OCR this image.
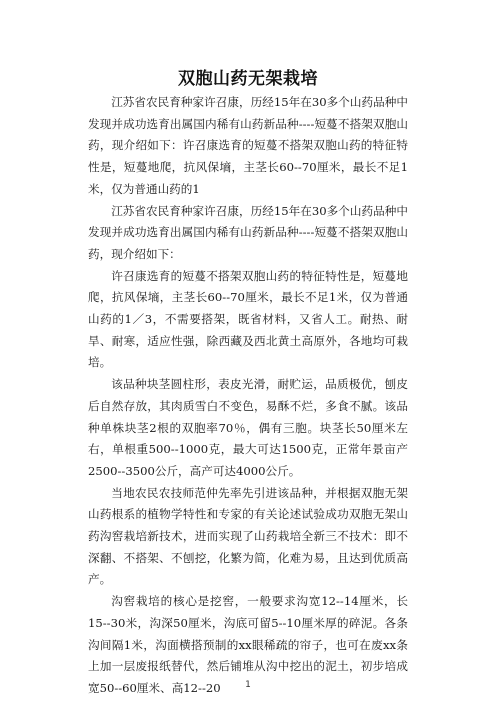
双胞山药无架栽培

江苏省农民育种家许召康，历经15年在30多个山药品种中发现并成功选育出属国内稀有山药新品种----短蔓不搭架双胞山药，现介绍如下：许召康选育的短蔓不搭架双胞山药的特征特性是，短蔓地爬，抗风保墒，主茎长60--70厘米，最长不足1米，仅为普通山药的1

江苏省农民育种家许召康，历经15年在30多个山药品种中发现并成功选育出属国内稀有山药新品种----短蔓不搭架双胞山药，现介绍如下：

许召康选育的短蔓不搭架双胞山药的特征特性是，短蔓地爬，抗风保墒，主茎长60--70厘米，最长不足1米，仅为普通山药的1／3，不需要搭架，既省材料，又省人工。耐热、耐旱、耐寒，适应性强，除西藏及西北黄土高原外，各地均可栽培。

该品种块茎圆柱形，表皮光滑，耐贮运，品质极优，刨皮后自然存放，其肉质雪白不变色，易酥不烂，多食不腻。该品种单株块茎2根的双胞率70％，偶有三胞。块茎长50厘米左右，单根重500--1000克，最大可达1500克，正常年景亩产2500--3500公斤，高产可达4000公斤。

当地农民农技师范仲先率先引进该品种，并根据双胞无架山药根系的植物学特性和专家的有关论述试验成功双胞无架山药沟窖栽培新技术，进而实现了山药栽培全新三不技术：即不深翻、不搭架、不刨挖，化繁为简，化难为易，且达到优质高产。

沟窖栽培的核心是挖窖，一般要求沟宽12--14厘米，长15--30米，沟深50厘米，沟底可留5--10厘米厚的碎泥。各条沟间隔1米，沟面横搭预制的xx眼稀疏的帘子，也可在废xx条上加一层废报纸替代，然后铺堆从沟中挖出的泥土，初步培成宽50--60厘米、高12--20	1
